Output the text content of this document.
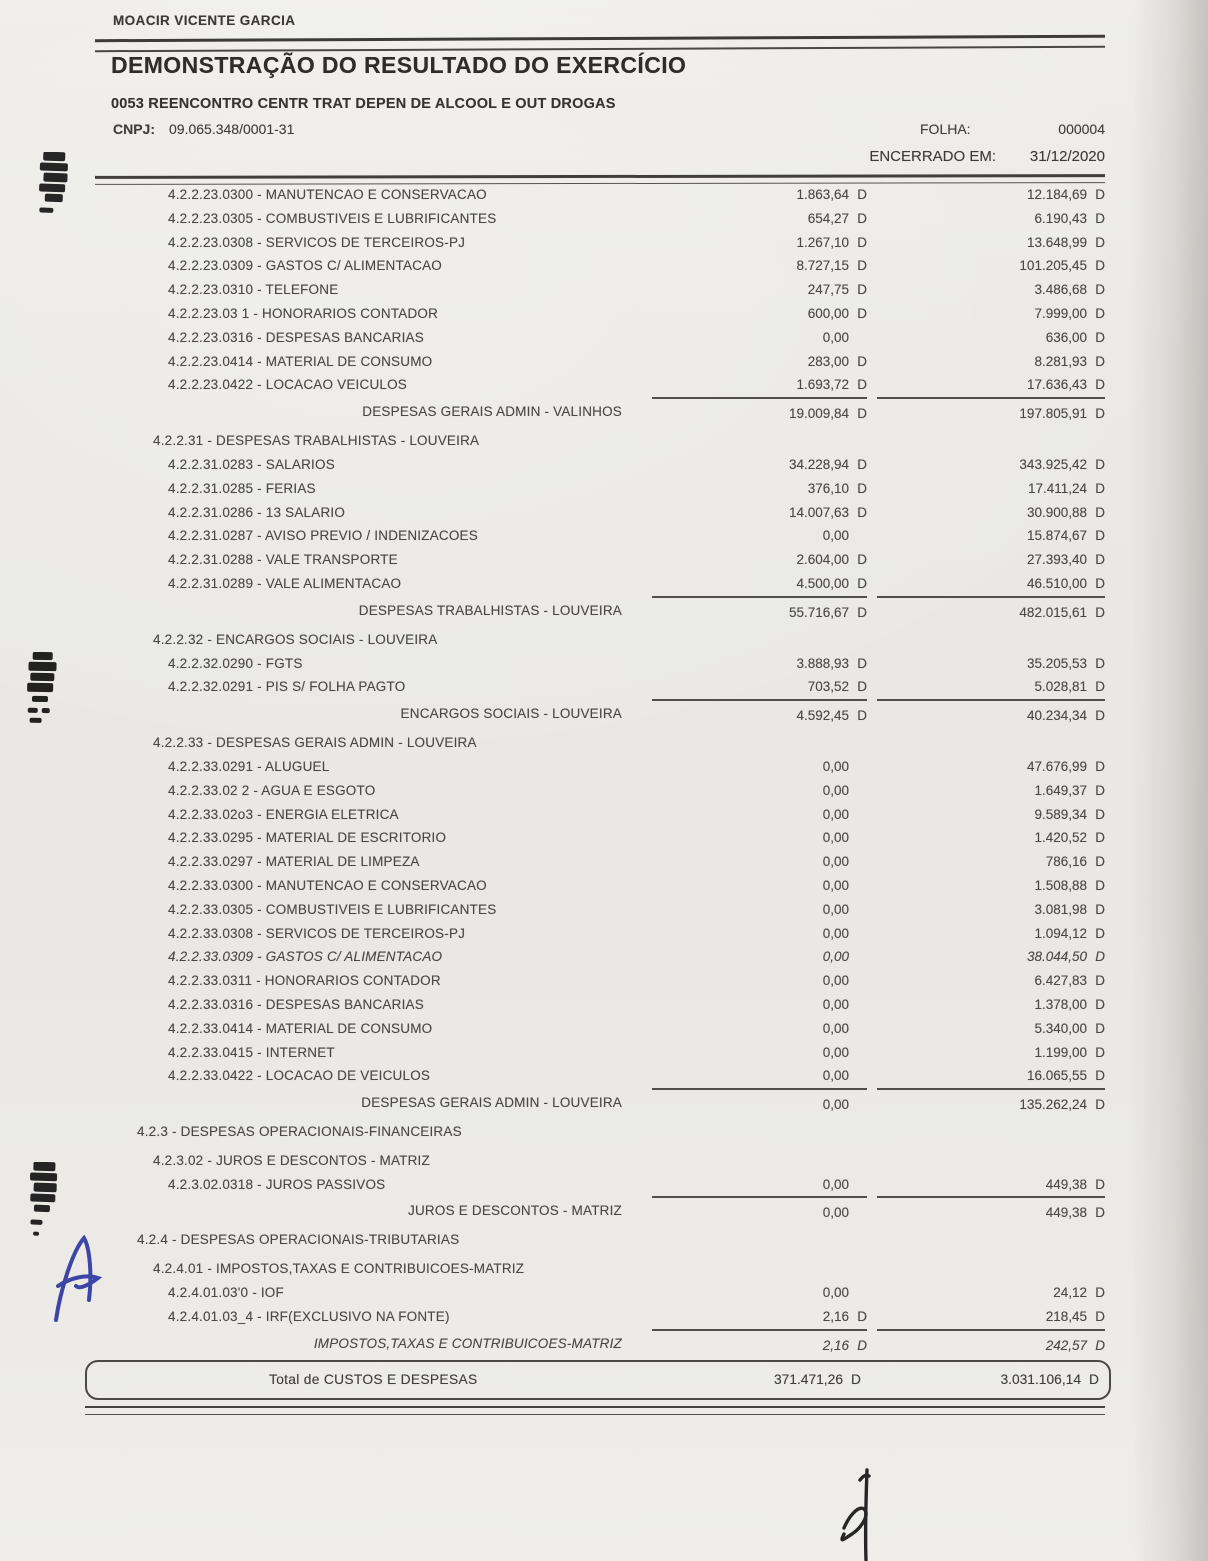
MOACIR VICENTE GARCIA
DEMONSTRAÇÃO DO RESULTADO DO EXERCÍCIO
0053 REENCONTRO CENTR TRAT DEPEN DE ALCOOL E OUT DROGAS
CNPJ: 09.065.348/0001-31	FOLHA:	000004
ENCERRADO EM: 31/12/2020
4.2.2.23.0300 - MANUTENCAO E CONSERVACAO	1.863,64 D	12.184,69 D
4.2.2.23.0305 - COMBUSTIVEIS E LUBRIFICANTES	654,27 D	6.190,43 D
4.2.2.23.0308 - SERVICOS DE TERCEIROS-PJ	1.267,10 D	13.648,99 D
4.2.2.23.0309 - GASTOS C/ ALIMENTACAO	8.727,15 D	101.205,45 D
4.2.2.23.0310 - TELEFONE	247,75 D	3.486,68 D
4.2.2.23.03 1 - HONORARIOS CONTADOR	600,00 D	7.999,00 D
4.2.2.23.0316 - DESPESAS BANCARIAS	0,00	636,00 D
4.2.2.23.0414 - MATERIAL DE CONSUMO	283,00 D	8.281,93 D
4.2.2.23.0422 - LOCACAO VEICULOS	1.693,72 D	17.636,43 D
DESPESAS GERAIS ADMIN - VALINHOS	19.009,84 D	197.805,91 D
4.2.2.31 - DESPESAS TRABALHISTAS - LOUVEIRA
4.2.2.31.0283 - SALARIOS	34.228,94 D	343.925,42 D
4.2.2.31.0285 - FERIAS	376,10 D	17.411,24 D
4.2.2.31.0286 - 13 SALARIO	14.007,63 D	30.900,88 D
4.2.2.31.0287 - AVISO PREVIO / INDENIZACOES	0,00	15.874,67 D
4.2.2.31.0288 - VALE TRANSPORTE	2.604,00 D	27.393,40 D
4.2.2.31.0289 - VALE ALIMENTACAO	4.500,00 D	46.510,00 D
DESPESAS TRABALHISTAS - LOUVEIRA	55.716,67 D	482.015,61 D
4.2.2.32 - ENCARGOS SOCIAIS - LOUVEIRA
4.2.2.32.0290 - FGTS	3.888,93 D	35.205,53 D
4.2.2.32.0291 - PIS S/ FOLHA PAGTO	703,52 D	5.028,81 D
ENCARGOS SOCIAIS - LOUVEIRA	4.592,45 D	40.234,34 D
4.2.2.33 - DESPESAS GERAIS ADMIN - LOUVEIRA
4.2.2.33.0291 - ALUGUEL	0,00	47.676,99 D
4.2.2.33.02 2 - AGUA E ESGOTO	0,00	1.649,37 D
4.2.2.33.02o3 - ENERGIA ELETRICA	0,00	9.589,34 D
4.2.2.33.0295 - MATERIAL DE ESCRITORIO	0,00	1.420,52 D
4.2.2.33.0297 - MATERIAL DE LIMPEZA	0,00	786,16 D
4.2.2.33.0300 - MANUTENCAO E CONSERVACAO	0,00	1.508,88 D
4.2.2.33.0305 - COMBUSTIVEIS E LUBRIFICANTES	0,00	3.081,98 D
4.2.2.33.0308 - SERVICOS DE TERCEIROS-PJ	0,00	1.094,12 D
4.2.2.33.0309 - GASTOS C/ ALIMENTACAO	0,00	38.044,50 D
4.2.2.33.0311 - HONORARIOS CONTADOR	0,00	6.427,83 D
4.2.2.33.0316 - DESPESAS BANCARIAS	0,00	1.378,00 D
4.2.2.33.0414 - MATERIAL DE CONSUMO	0,00	5.340,00 D
4.2.2.33.0415 - INTERNET	0,00	1.199,00 D
4.2.2.33.0422 - LOCACAO DE VEICULOS	0,00	16.065,55 D
DESPESAS GERAIS ADMIN - LOUVEIRA	0,00	135.262,24 D
4.2.3 - DESPESAS OPERACIONAIS-FINANCEIRAS
4.2.3.02 - JUROS E DESCONTOS - MATRIZ
4.2.3.02.0318 - JUROS PASSIVOS	0,00	449,38 D
JUROS E DESCONTOS - MATRIZ	0,00	449,38 D
4.2.4 - DESPESAS OPERACIONAIS-TRIBUTARIAS
4.2.4.01 - IMPOSTOS,TAXAS E CONTRIBUICOES-MATRIZ
4.2.4.01.03'0 - IOF	0,00	24,12 D
4.2.4.01.03_4 - IRF(EXCLUSIVO NA FONTE)	2,16 D	218,45 D
IMPOSTOS,TAXAS E CONTRIBUICOES-MATRIZ	2,16 D	242,57 D
Total de CUSTOS E DESPESAS	371.471,26 D	3.031.106,14 D
